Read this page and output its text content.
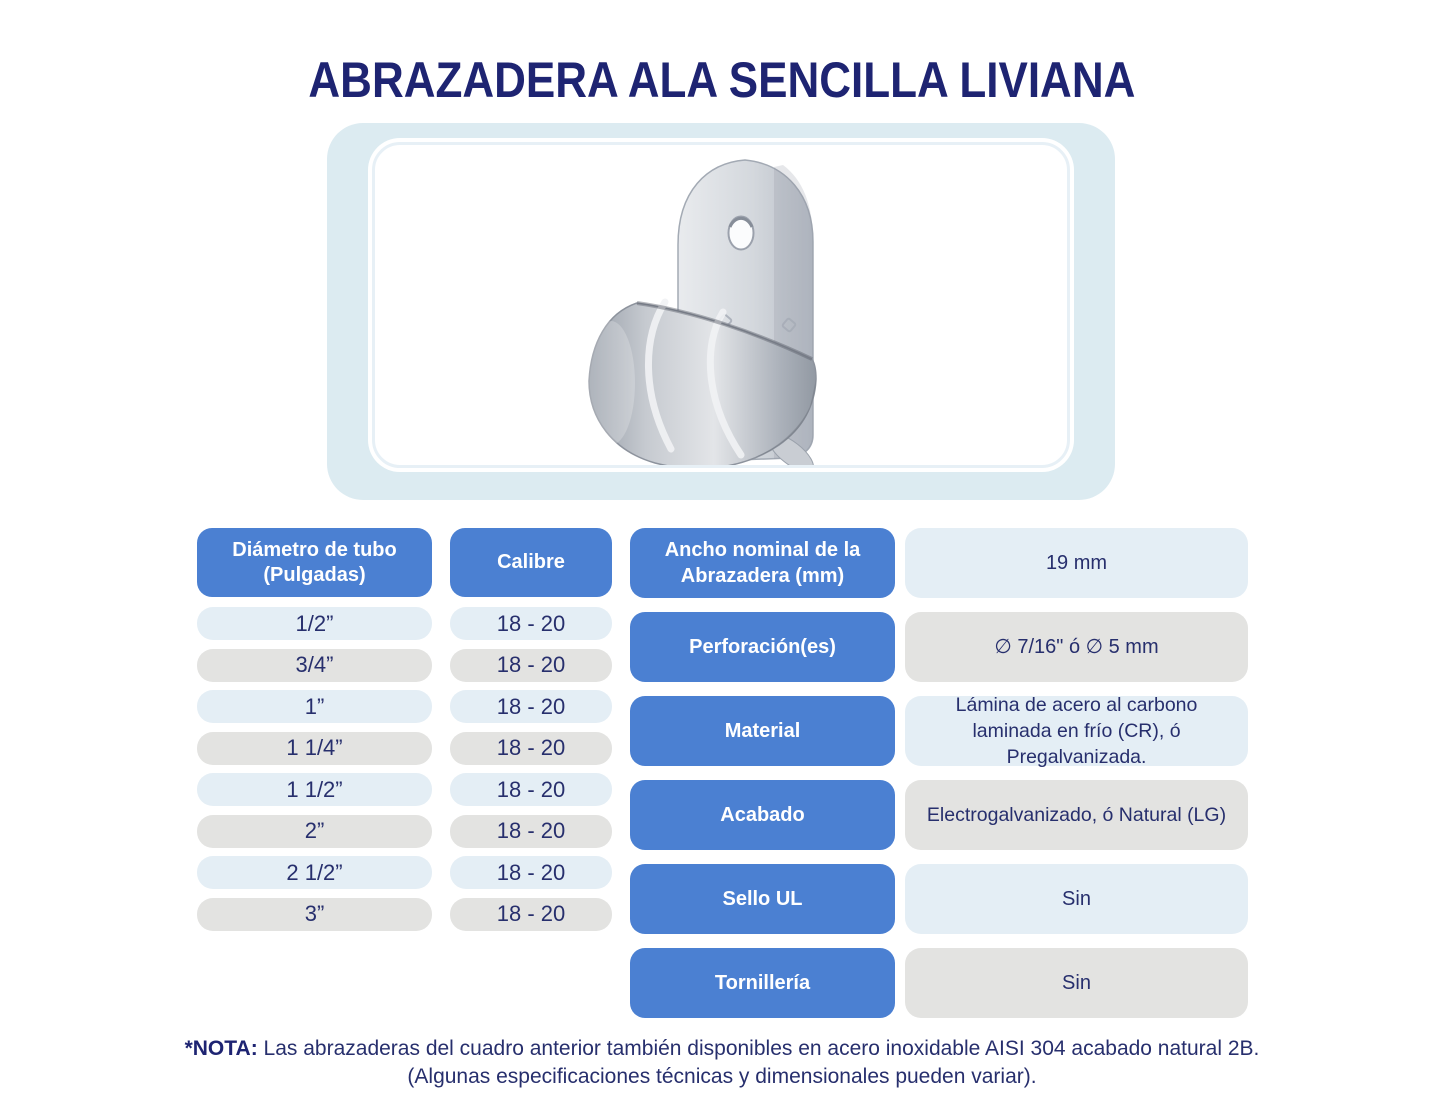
ABRAZADERA ALA SENCILLA LIVIANA
Diámetro de tubo (Pulgadas)
1/2”
3/4”
1”
1 1/4”
1 1/2”
2”
2 1/2”
3”
Calibre
18 - 20
18 - 20
18 - 20
18 - 20
18 - 20
18 - 20
18 - 20
18 - 20
Ancho nominal de la Abrazadera (mm)
Perforación(es)
Material
Acabado
Sello UL
Tornillería
19 mm
∅ 7/16" ó ∅ 5 mm
Lámina de acero al carbono laminada en frío (CR), ó Pregalvanizada.
Electrogalvanizado, ó Natural (LG)
Sin
Sin
*NOTA: Las abrazaderas del cuadro anterior también disponibles en acero inoxidable AISI 304 acabado natural 2B.
(Algunas especificaciones técnicas y dimensionales pueden variar).
